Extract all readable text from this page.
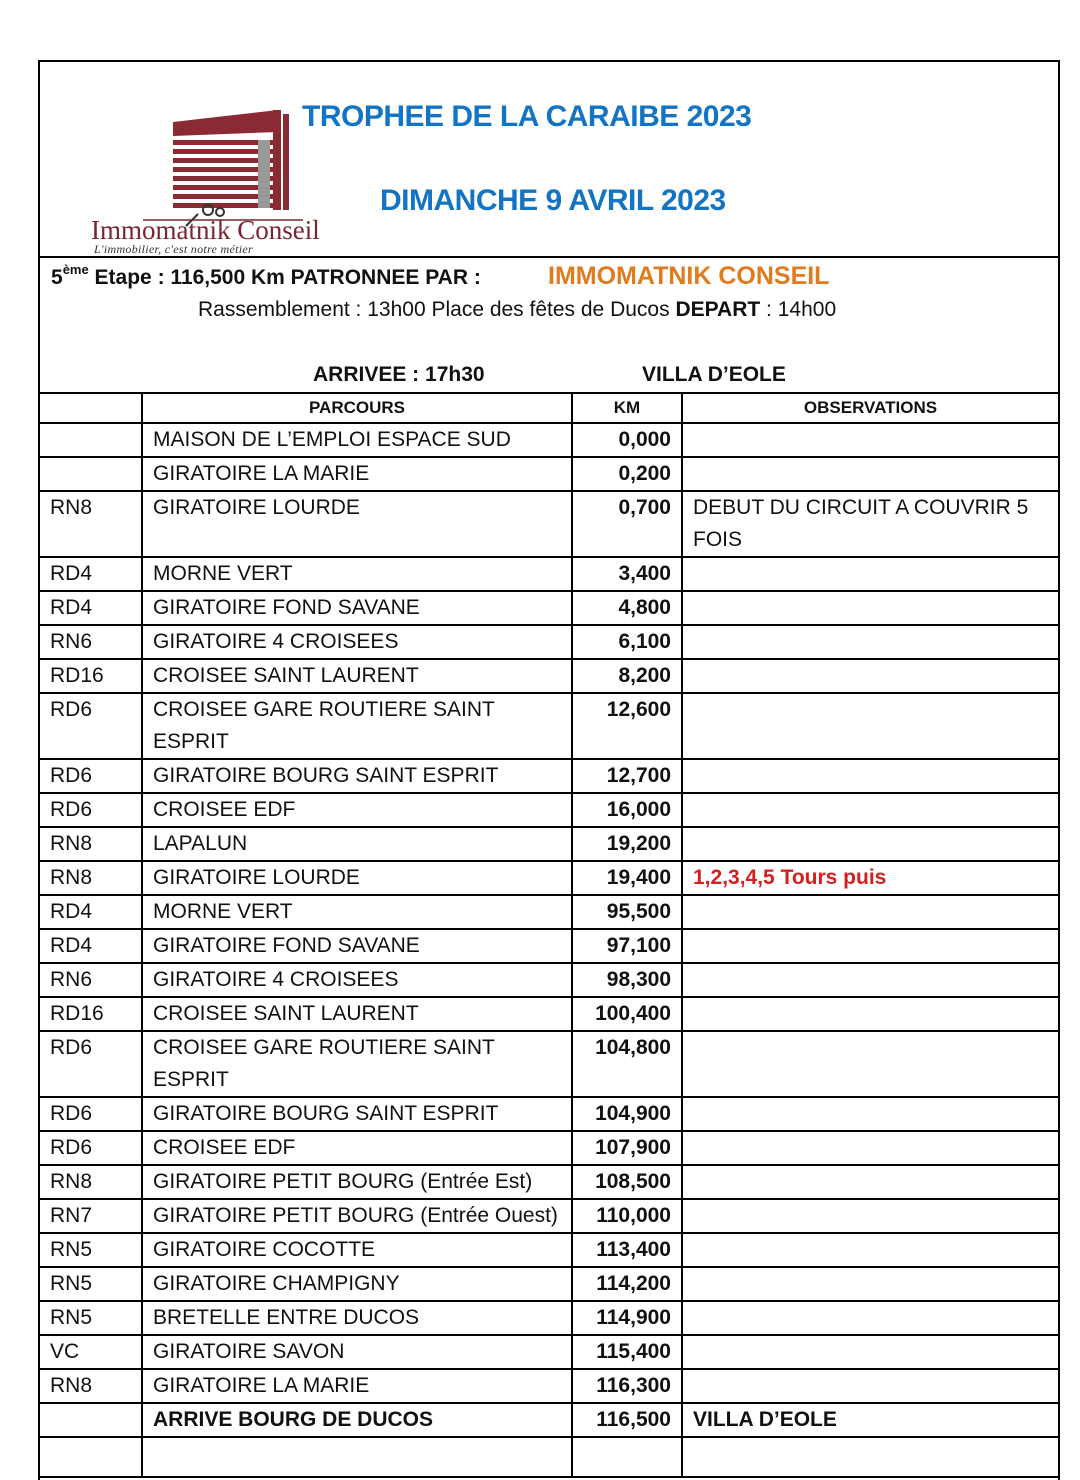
Immomatnik Conseil
L'immobilier, c'est notre métier
TROPHEE DE LA CARAIBE 2023
DIMANCHE 9 AVRIL 2023
5ème Etape : 116,500 Km PATRONNEE PAR :	IMMOMATNIK CONSEIL
Rassemblement : 13h00 Place des fêtes de Ducos DEPART : 14h00
ARRIVEE : 17h30	VILLA D’EOLE
	PARCOURS	KM	OBSERVATIONS
	MAISON DE L’EMPLOI ESPACE SUD	0,000	
	GIRATOIRE LA MARIE	0,200	
RN8	GIRATOIRE LOURDE	0,700	DEBUT DU CIRCUIT A COUVRIR 5 FOIS
RD4	MORNE VERT	3,400	
RD4	GIRATOIRE FOND SAVANE	4,800	
RN6	GIRATOIRE 4 CROISEES	6,100	
RD16	CROISEE SAINT LAURENT	8,200	
RD6	CROISEE GARE ROUTIERE SAINT ESPRIT	12,600	
RD6	GIRATOIRE BOURG SAINT ESPRIT	12,700	
RD6	CROISEE EDF	16,000	
RN8	LAPALUN	19,200	
RN8	GIRATOIRE LOURDE	19,400	1,2,3,4,5 Tours puis
RD4	MORNE VERT	95,500	
RD4	GIRATOIRE FOND SAVANE	97,100	
RN6	GIRATOIRE 4 CROISEES	98,300	
RD16	CROISEE SAINT LAURENT	100,400	
RD6	CROISEE GARE ROUTIERE SAINT ESPRIT	104,800	
RD6	GIRATOIRE BOURG SAINT ESPRIT	104,900	
RD6	CROISEE EDF	107,900	
RN8	GIRATOIRE PETIT BOURG (Entrée Est)	108,500	
RN7	GIRATOIRE PETIT BOURG (Entrée Ouest)	110,000	
RN5	GIRATOIRE COCOTTE	113,400	
RN5	GIRATOIRE CHAMPIGNY	114,200	
RN5	BRETELLE ENTRE DUCOS	114,900	
VC	GIRATOIRE SAVON	115,400	
RN8	GIRATOIRE LA MARIE	116,300	
	ARRIVE BOURG DE DUCOS	116,500	VILLA D’EOLE
